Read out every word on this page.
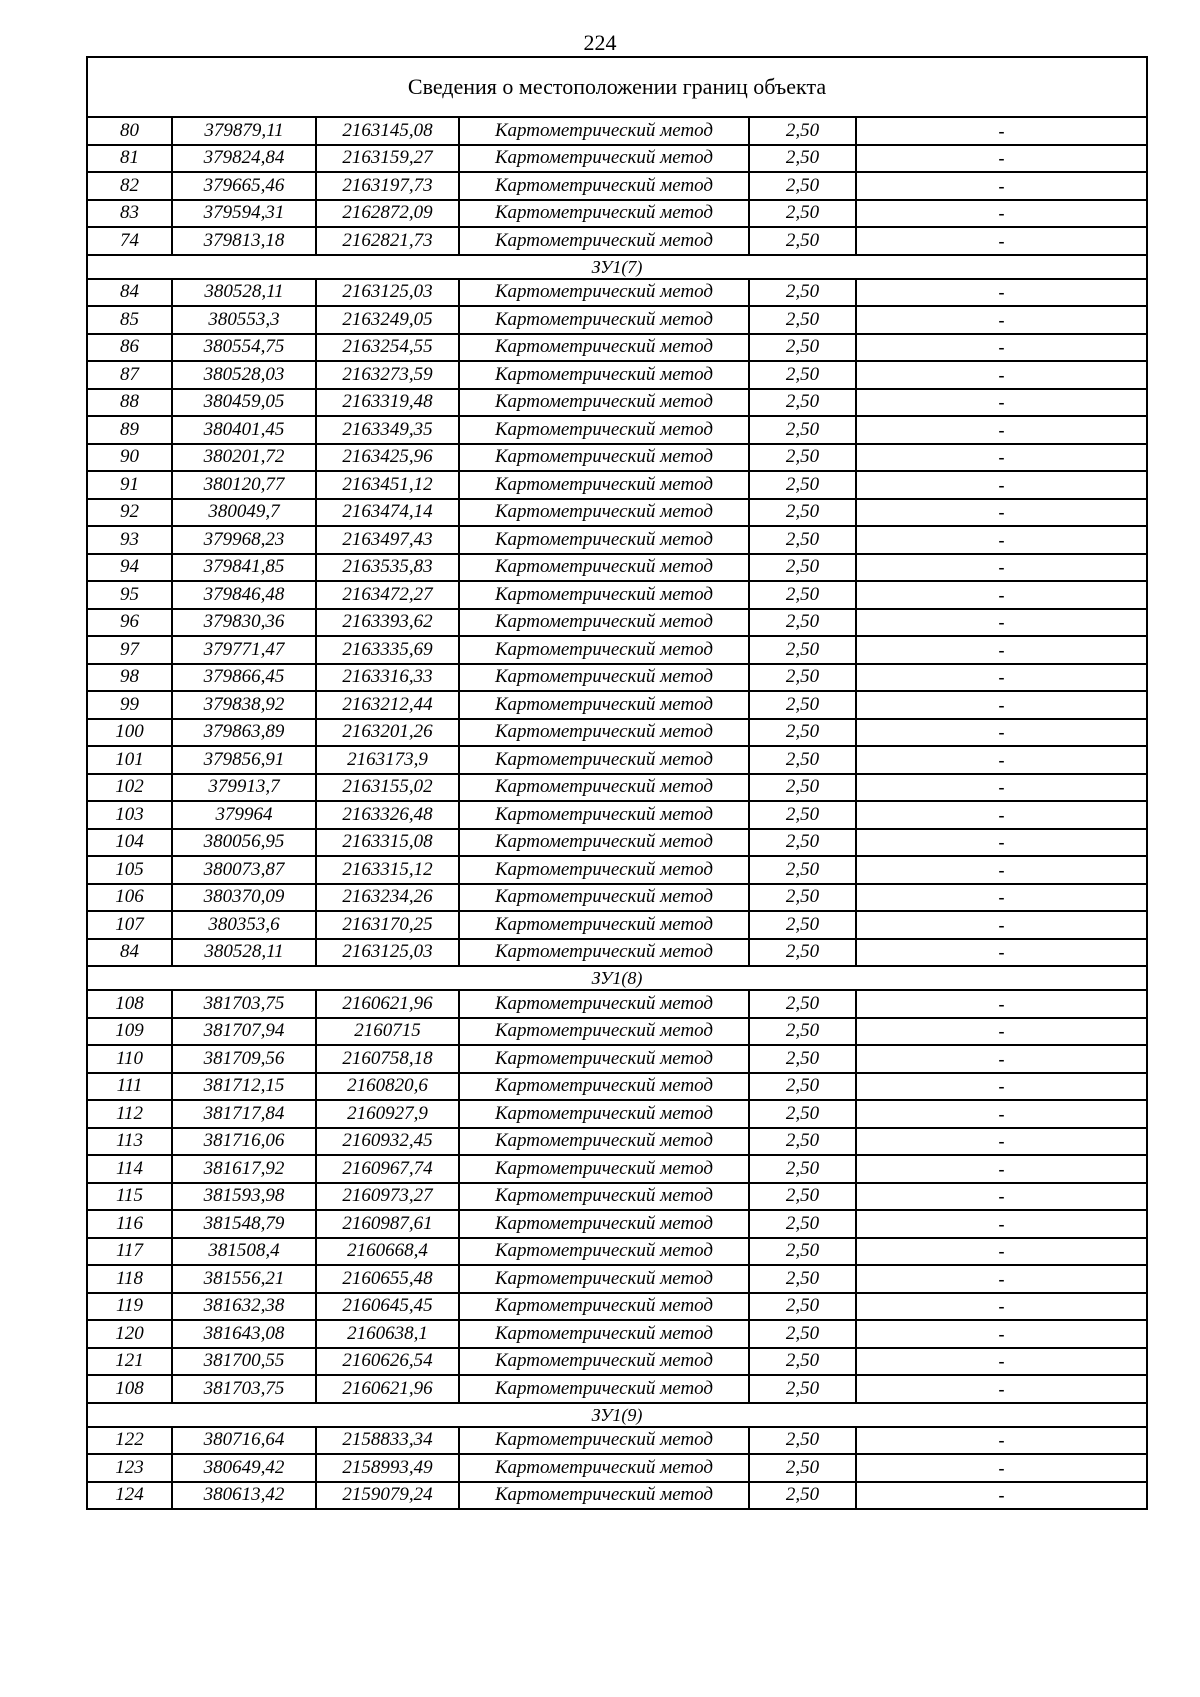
224
Сведения о местоположении границ объекта					
80	379879,11	2163145,08	Картометрический метод	2,50	-
81	379824,84	2163159,27	Картометрический метод	2,50	-
82	379665,46	2163197,73	Картометрический метод	2,50	-
83	379594,31	2162872,09	Картометрический метод	2,50	-
74	379813,18	2162821,73	Картометрический метод	2,50	-
ЗУ1(7)					
84	380528,11	2163125,03	Картометрический метод	2,50	-
85	380553,3	2163249,05	Картометрический метод	2,50	-
86	380554,75	2163254,55	Картометрический метод	2,50	-
87	380528,03	2163273,59	Картометрический метод	2,50	-
88	380459,05	2163319,48	Картометрический метод	2,50	-
89	380401,45	2163349,35	Картометрический метод	2,50	-
90	380201,72	2163425,96	Картометрический метод	2,50	-
91	380120,77	2163451,12	Картометрический метод	2,50	-
92	380049,7	2163474,14	Картометрический метод	2,50	-
93	379968,23	2163497,43	Картометрический метод	2,50	-
94	379841,85	2163535,83	Картометрический метод	2,50	-
95	379846,48	2163472,27	Картометрический метод	2,50	-
96	379830,36	2163393,62	Картометрический метод	2,50	-
97	379771,47	2163335,69	Картометрический метод	2,50	-
98	379866,45	2163316,33	Картометрический метод	2,50	-
99	379838,92	2163212,44	Картометрический метод	2,50	-
100	379863,89	2163201,26	Картометрический метод	2,50	-
101	379856,91	2163173,9	Картометрический метод	2,50	-
102	379913,7	2163155,02	Картометрический метод	2,50	-
103	379964	2163326,48	Картометрический метод	2,50	-
104	380056,95	2163315,08	Картометрический метод	2,50	-
105	380073,87	2163315,12	Картометрический метод	2,50	-
106	380370,09	2163234,26	Картометрический метод	2,50	-
107	380353,6	2163170,25	Картометрический метод	2,50	-
84	380528,11	2163125,03	Картометрический метод	2,50	-
ЗУ1(8)					
108	381703,75	2160621,96	Картометрический метод	2,50	-
109	381707,94	2160715	Картометрический метод	2,50	-
110	381709,56	2160758,18	Картометрический метод	2,50	-
111	381712,15	2160820,6	Картометрический метод	2,50	-
112	381717,84	2160927,9	Картометрический метод	2,50	-
113	381716,06	2160932,45	Картометрический метод	2,50	-
114	381617,92	2160967,74	Картометрический метод	2,50	-
115	381593,98	2160973,27	Картометрический метод	2,50	-
116	381548,79	2160987,61	Картометрический метод	2,50	-
117	381508,4	2160668,4	Картометрический метод	2,50	-
118	381556,21	2160655,48	Картометрический метод	2,50	-
119	381632,38	2160645,45	Картометрический метод	2,50	-
120	381643,08	2160638,1	Картометрический метод	2,50	-
121	381700,55	2160626,54	Картометрический метод	2,50	-
108	381703,75	2160621,96	Картометрический метод	2,50	-
ЗУ1(9)					
122	380716,64	2158833,34	Картометрический метод	2,50	-
123	380649,42	2158993,49	Картометрический метод	2,50	-
124	380613,42	2159079,24	Картометрический метод	2,50	-
